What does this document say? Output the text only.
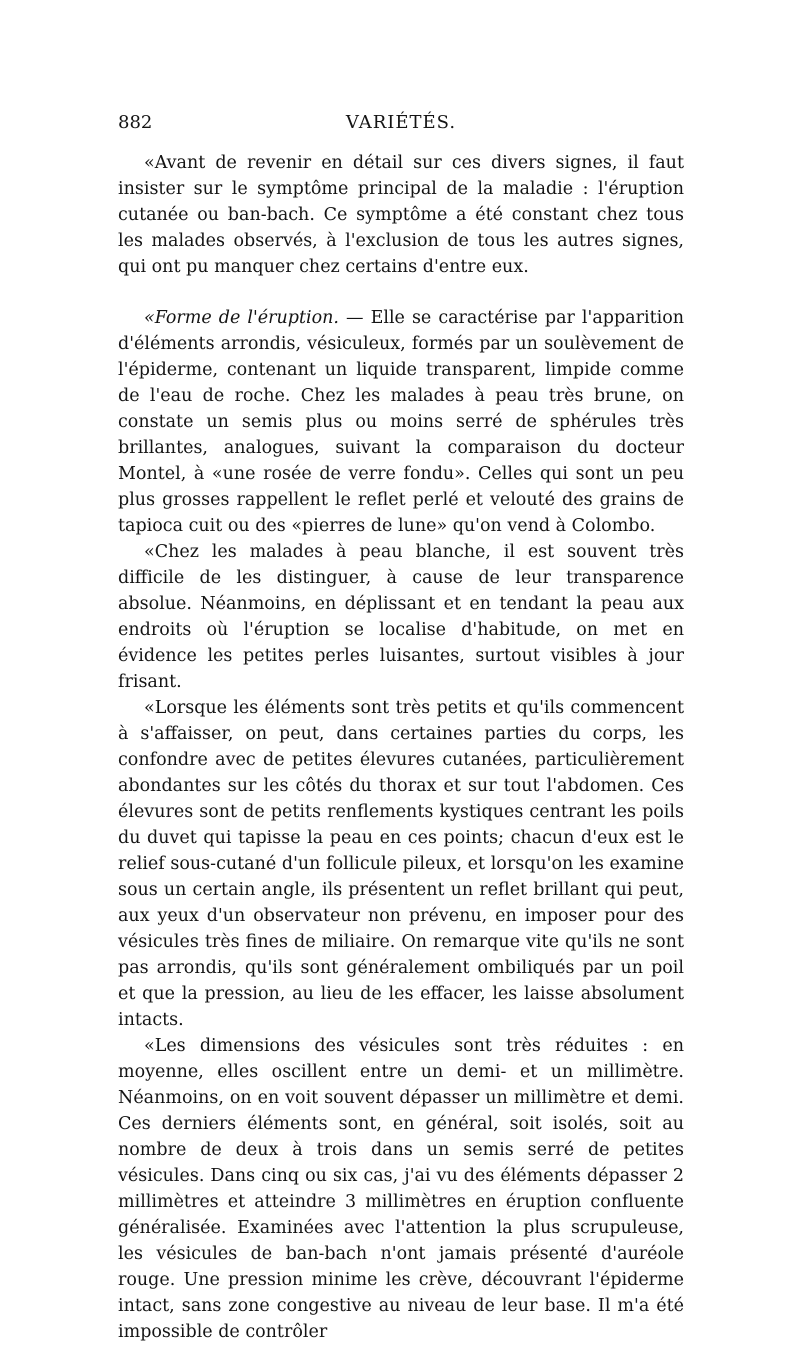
882	VARIÉTÉS.

«Avant de revenir en détail sur ces divers signes, il faut insister sur le symptôme principal de la maladie : l'éruption cutanée ou ban-bach. Ce symptôme a été constant chez tous les malades observés, à l'exclusion de tous les autres signes, qui ont pu manquer chez certains d'entre eux.

«Forme de l'éruption. — Elle se caractérise par l'apparition d'éléments arrondis, vésiculeux, formés par un soulèvement de l'épiderme, contenant un liquide transparent, limpide comme de l'eau de roche. Chez les malades à peau très brune, on constate un semis plus ou moins serré de sphérules très brillantes, analogues, suivant la comparaison du docteur Montel, à «une rosée de verre fondu». Celles qui sont un peu plus grosses rappellent le reflet perlé et velouté des grains de tapioca cuit ou des «pierres de lune» qu'on vend à Colombo.

«Chez les malades à peau blanche, il est souvent très difficile de les distinguer, à cause de leur transparence absolue. Néanmoins, en déplissant et en tendant la peau aux endroits où l'éruption se localise d'habitude, on met en évidence les petites perles luisantes, surtout visibles à jour frisant.

«Lorsque les éléments sont très petits et qu'ils commencent à s'affaisser, on peut, dans certaines parties du corps, les confondre avec de petites élevures cutanées, particulièrement abondantes sur les côtés du thorax et sur tout l'abdomen. Ces élevures sont de petits renflements kystiques centrant les poils du duvet qui tapisse la peau en ces points; chacun d'eux est le relief sous-cutané d'un follicule pileux, et lorsqu'on les examine sous un certain angle, ils présentent un reflet brillant qui peut, aux yeux d'un observateur non prévenu, en imposer pour des vésicules très fines de miliaire. On remarque vite qu'ils ne sont pas arrondis, qu'ils sont généralement ombiliqués par un poil et que la pression, au lieu de les effacer, les laisse absolument intacts.

«Les dimensions des vésicules sont très réduites : en moyenne, elles oscillent entre un demi- et un millimètre. Néanmoins, on en voit souvent dépasser un millimètre et demi. Ces derniers éléments sont, en général, soit isolés, soit au nombre de deux à trois dans un semis serré de petites vésicules. Dans cinq ou six cas, j'ai vu des éléments dépasser 2 millimètres et atteindre 3 millimètres en éruption confluente généralisée. Examinées avec l'attention la plus scrupuleuse, les vésicules de ban-bach n'ont jamais présenté d'auréole rouge. Une pression minime les crève, découvrant l'épiderme intact, sans zone congestive au niveau de leur base. Il m'a été impossible de contrôler
